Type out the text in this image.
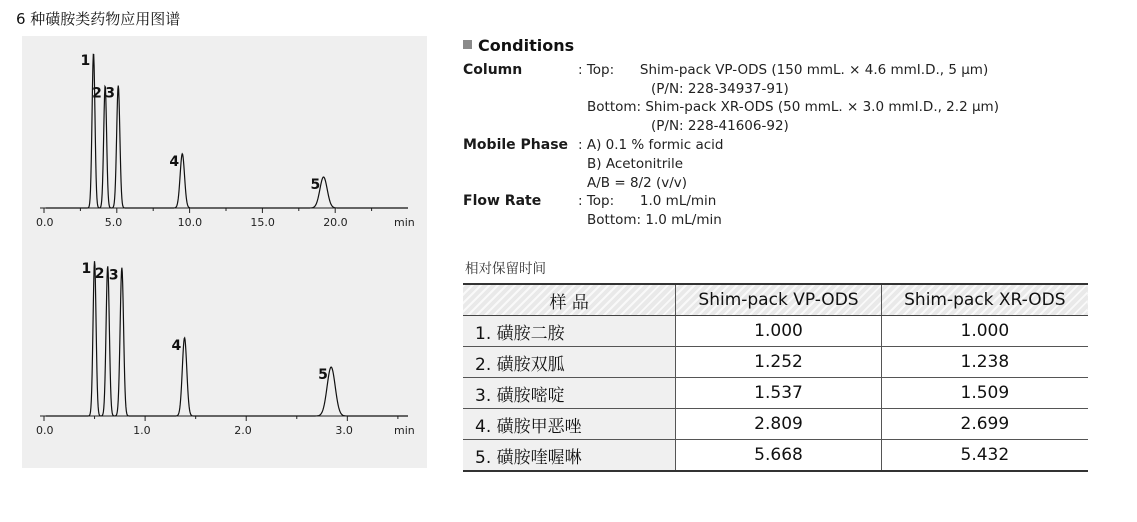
6 种磺胺类药物应用图谱
0.0	5.0	10.0	15.0	20.0	min
1
2 3
4
5
0.0	1.0	2.0	3.0	min
1 2 3
4
5
Conditions
Column	: Top:      Shim-pack VP-ODS (150 mmL. × 4.6 mmI.D., 5 µm)
(P/N: 228-34937-91)
Bottom: Shim-pack XR-ODS (50 mmL. × 3.0 mmI.D., 2.2 µm)
(P/N: 228-41606-92)
Mobile Phase : A) 0.1 % formic acid
B) Acetonitrile
A/B = 8/2 (v/v)
Flow Rate	: Top:      1.0 mL/min
Bottom: 1.0 mL/min
相对保留时间
样 品	Shim-pack VP-ODS	Shim-pack XR-ODS
1. 磺胺二胺	1.000	1.000
2. 磺胺双胍	1.252	1.238
3. 磺胺嘧啶	1.537	1.509
4. 磺胺甲恶唑	2.809	2.699
5. 磺胺喹喔啉	5.668	5.432
